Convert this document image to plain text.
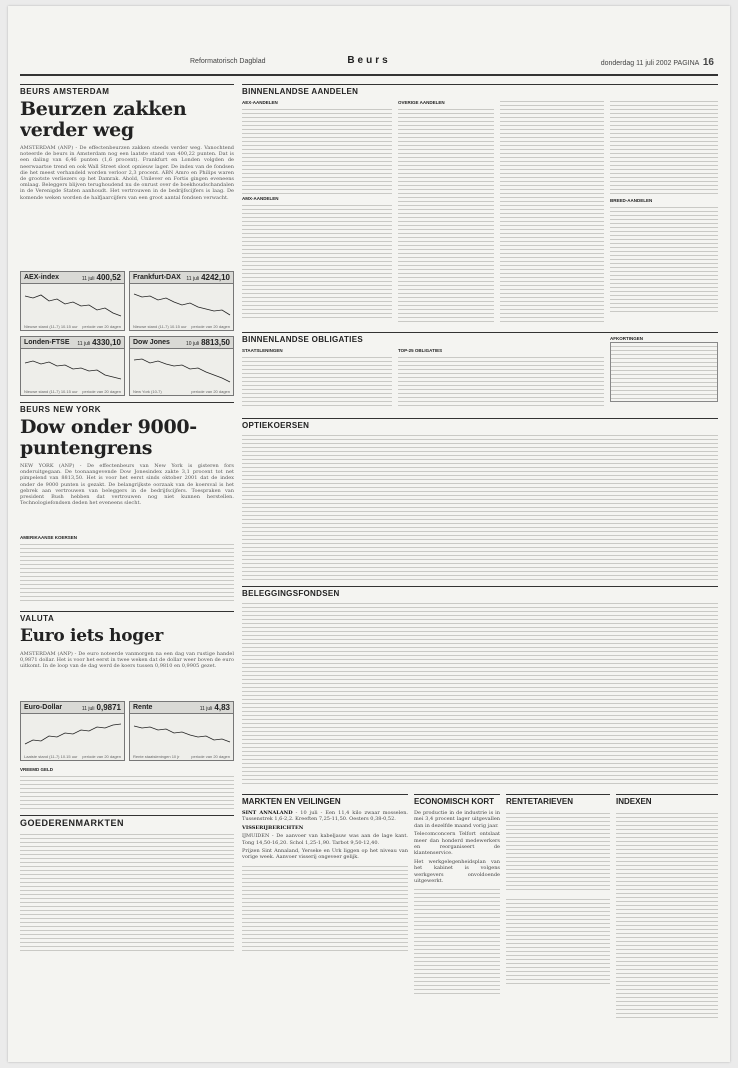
Reformatorisch Dagblad	Beurs	donderdag 11 juli 2002 PAGINA 16
BEURS AMSTERDAM
Beurzen zakken verder weg
AMSTERDAM (ANP) - De effectenbeurzen zakken steeds verder weg. Vanochtend noteerde de beurs in Amsterdam nog een laatste stand van 400,22 punten. Dat is een daling van 6,46 punten (1,6 procent). Frankfurt en Londen volgden de neerwaartse trend en ook Wall Street sloot opnieuw lager. De index van de fondsen die het meest verhandeld worden verloor 2,3 procent. ABN Amro en Philips waren de grootste verliezers op het Damrak. Ahold, Unilever en Fortis gingen eveneens omlaag. Beleggers blijven terughoudend nu de onrust over de boekhoudschandalen in de Verenigde Staten aanhoudt. Het vertrouwen in de bedrijfscijfers is laag. De komende weken worden de halfjaarcijfers van een groot aantal fondsen verwacht.
AEX-index	11 juli 400,52
Nieuwe stand (11-7) 10.15 uur periode van 20 dagen
Frankfurt-DAX 11 juli 4242,10
Nieuwe stand (11-7) 10.15 uur periode van 20 dagen
Londen-FTSE 11 juli 4330,10
Nieuwe stand (11-7) 10.15 uur periode van 20 dagen
Dow Jones	10 juli 8813,50
New York (10-7)	periode van 20 dagen
BEURS NEW YORK
Dow onder 9000-puntengrens
NEW YORK (ANP) - De effectenbeurs van New York is gisteren fors onderuitgegaan. De toonaangevende Dow Jonesindex zakte 3,1 procent tot net pimpelend van 8813,50. Het is voor het eerst sinds oktober 2001 dat de index onder de 9000 punten is gezakt. De belangrijkste oorzaak van de koersval is het gebrek aan vertrouwen van beleggers in de bedrijfscijfers. Toespraken van president Bush hebben dat vertrouwen nog niet kunnen herstellen. Technologiefondsen deden het eveneens slecht.
AMERIKAANSE KOERSEN
VALUTA
Euro iets hoger
AMSTERDAM (ANP) - De euro noteerde vanmorgen na een dag van rustige handel 0,9871 dollar. Het is voor het eerst in twee weken dat de dollar weer boven de euro uitkomt. In de loop van de dag werd de koers tussen 0,9810 en 0,9905 gezet.
Euro-Dollar	11 juli 0,9871
Laatste stand (11-7) 10.15 uur periode van 20 dagen
Rente	11 juli 4,83
Rente staatsleningen 10 jr	periode van 20 dagen
VREEMD GELD
GOEDERENMARKTEN
BINNENLANDSE AANDELEN
AEX-AANDELEN
AMX-AANDELEN
OVERIGE AANDELEN
BREED-AANDELEN
BINNENLANDSE OBLIGATIES
STAATSLENINGEN	TOP-25 OBLIGATIES
AFKORTINGEN
OPTIEKOERSEN
BELEGGINGSFONDSEN
MARKTEN EN VEILINGEN

SINT ANNALAND - 10 juli - Een 11,4 kilo zwaar mosselen. Tussenstrek 1,6-2,2. Kreeften 7,25-11,50. Oesters 0,38-0,52.

VISSERIJBERICHTEN

IJMUIDEN - De aanvoer van kabeljauw was aan de lage kant. Tong 14,50-16,20. Schol 1,25-1,90. Tarbot 9,50-12,40.

Prijzen Sint Annaland, Yerseke en Urk liggen op het niveau van vorige week. Aanvoer visserij ongeveer gelijk.

ECONOMISCH KORT

De productie in de industrie is in mei 3,4 procent lager uitgevallen dan in dezelfde maand vorig jaar.

Telecomconcern Telfort ontslaat meer dan honderd medewerkers en reorganiseert de klantenservice.

Het werkgelegenheidsplan van het kabinet is volgens werkgevers onvoldoende uitgewerkt.

RENTETARIEVEN	INDEXEN
